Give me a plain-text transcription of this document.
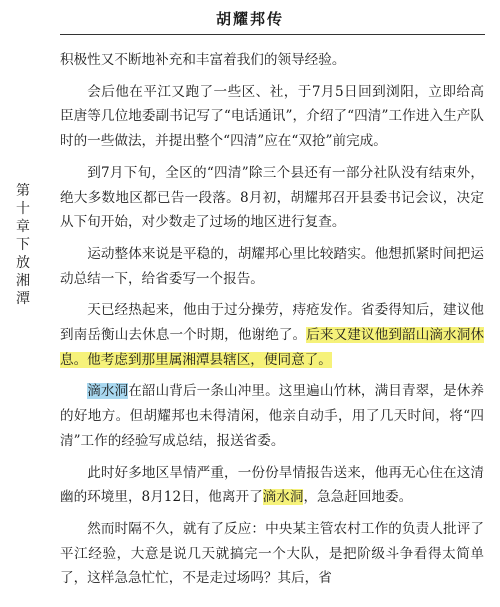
胡耀邦传
第十章 下放湘潭

积极性又不断地补充和丰富着我们的领导经验。

会后他在平江又跑了一些区、社，于7月5日回到浏阳，立即给高臣唐等几位地委副书记写了“电话通讯”，介绍了“四清”工作进入生产队时的一些做法，并提出整个“四清”应在“双抢”前完成。

到7月下旬，全区的“四清”除三个县还有一部分社队没有结束外，绝大多数地区都已告一段落。8月初，胡耀邦召开县委书记会议，决定从下旬开始，对少数走了过场的地区进行复查。

运动整体来说是平稳的，胡耀邦心里比较踏实。他想抓紧时间把运动总结一下，给省委写一个报告。

天已经热起来，他由于过分操劳，痔疮发作。省委得知后，建议他到南岳衡山去休息一个时期，他谢绝了。后来又建议他到韶山滴水洞休息。他考虑到那里属湘潭县辖区，便同意了。

滴水洞在韶山背后一条山冲里。这里遍山竹林，满目青翠，是休养的好地方。但胡耀邦也未得清闲，他亲自动手，用了几天时间，将“四清”工作的经验写成总结，报送省委。

此时好多地区旱情严重，一份份旱情报告送来，他再无心住在这清幽的环境里，8月12日，他离开了滴水洞，急急赶回地委。

然而时隔不久，就有了反应：中央某主管农村工作的负责人批评了平江经验，大意是说几天就搞完一个大队，是把阶级斗争看得太简单了，这样急急忙忙，不是走过场吗？其后，省
